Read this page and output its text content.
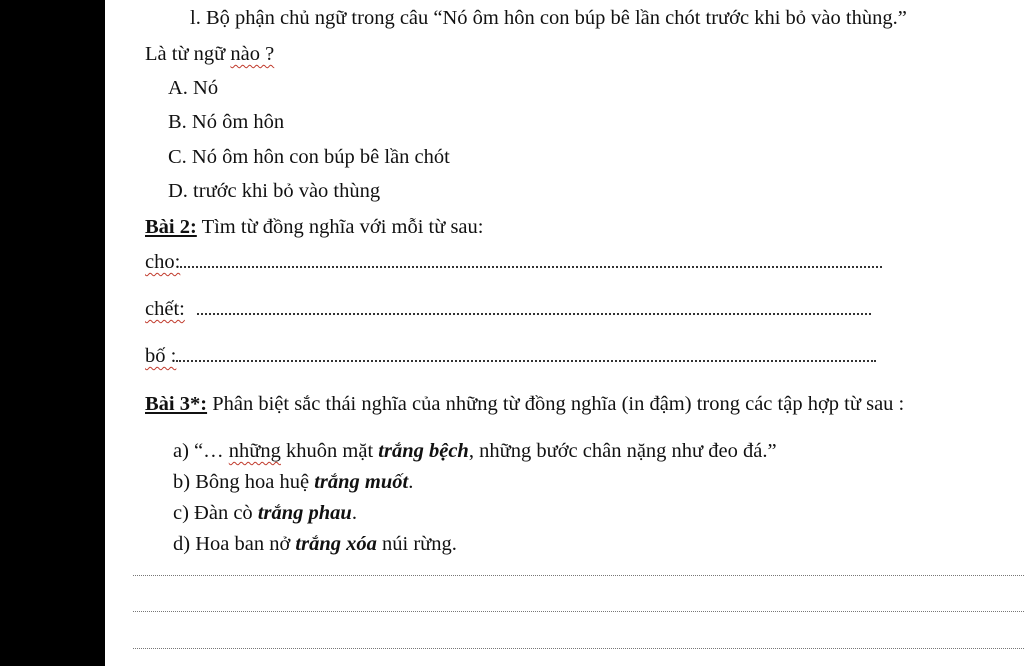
l. Bộ phận chủ ngữ trong câu “Nó ôm hôn con búp bê lần chót trước khi bỏ vào thùng.”
Là từ ngữ nào ?
A. Nó
B. Nó ôm hôn
C. Nó ôm hôn con búp bê lần chót
D. trước khi bỏ vào thùng
Bài 2: Tìm từ đồng nghĩa với mỗi từ sau:
cho:
chết:
bố :
Bài 3*: Phân biệt sắc thái nghĩa của những từ đồng nghĩa (in đậm) trong các tập hợp từ sau :
a) “… những khuôn mặt trắng bệch, những bước chân nặng như đeo đá.”
b) Bông hoa huệ trắng muốt.
c) Đàn cò trắng phau.
d) Hoa ban nở trắng xóa núi rừng.
